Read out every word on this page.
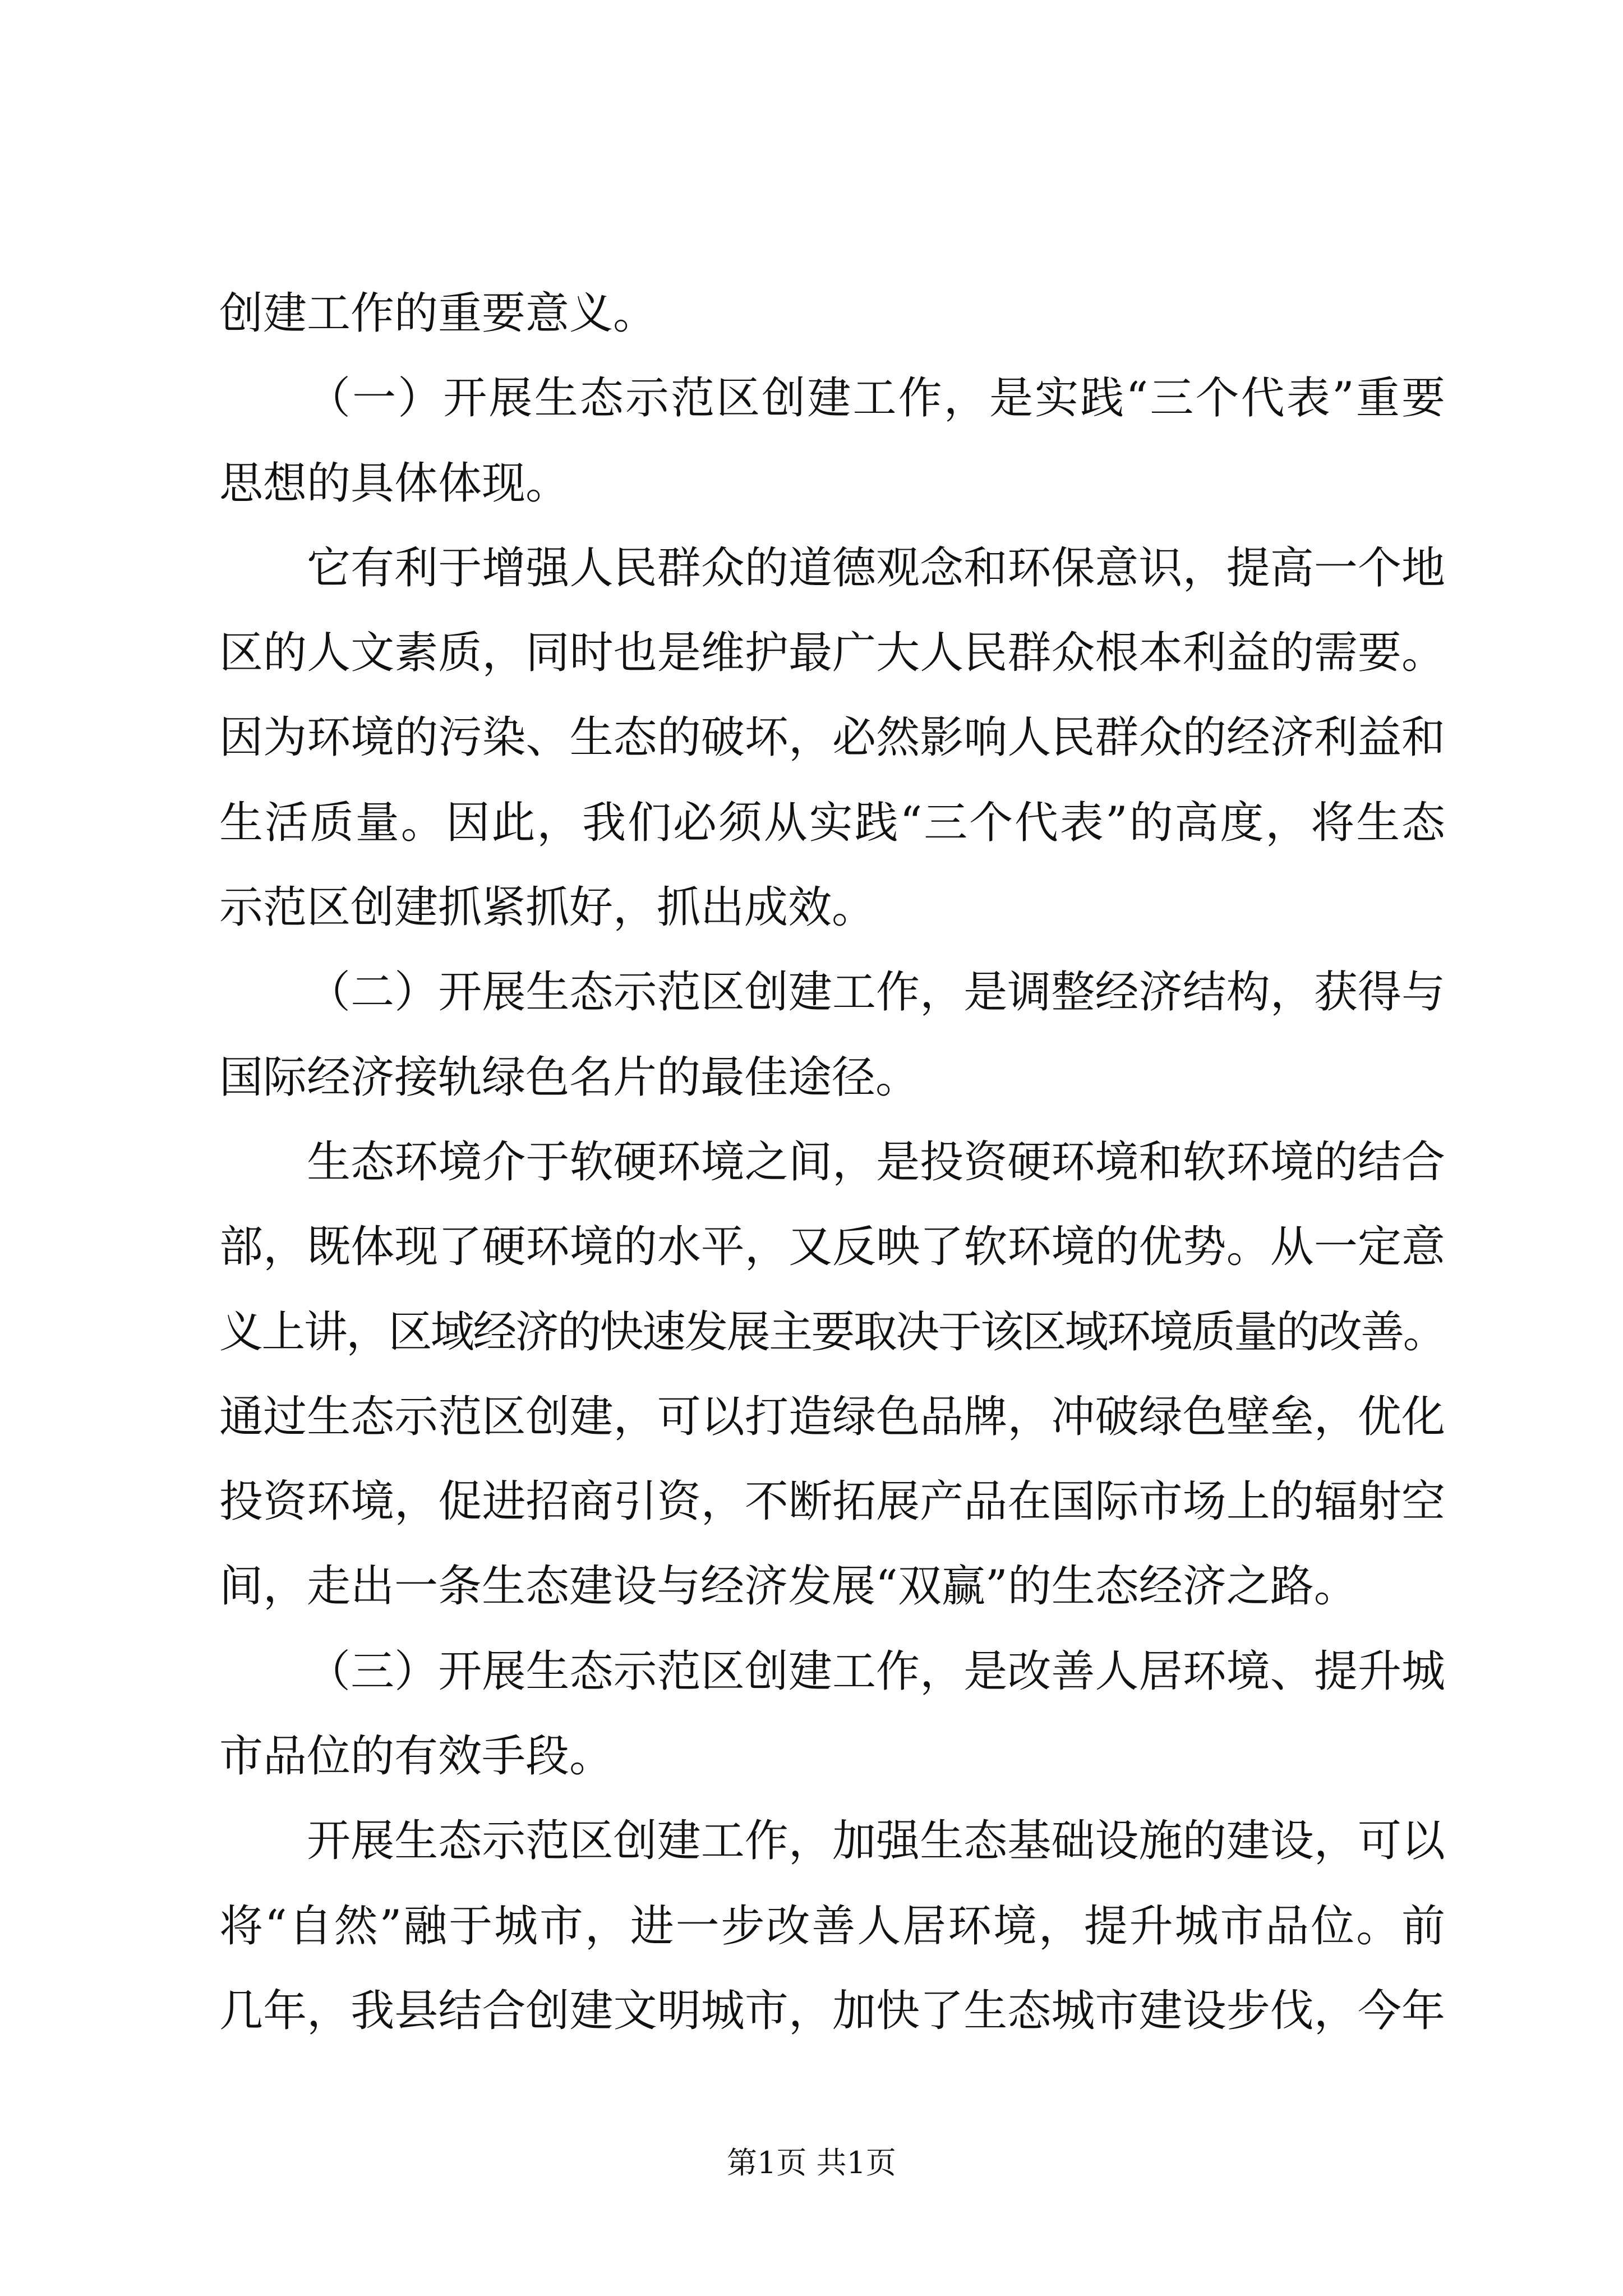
创建工作的重要意义。
（一）开展生态示范区创建工作，是实践“三个代表”重要
思想的具体体现。
它有利于增强人民群众的道德观念和环保意识，提高一个地
区的人文素质，同时也是维护最广大人民群众根本利益的需要。
因为环境的污染、生态的破坏，必然影响人民群众的经济利益和
生活质量。因此，我们必须从实践“三个代表”的高度，将生态
示范区创建抓紧抓好，抓出成效。
（二）开展生态示范区创建工作，是调整经济结构，获得与
国际经济接轨绿色名片的最佳途径。
生态环境介于软硬环境之间，是投资硬环境和软环境的结合
部，既体现了硬环境的水平，又反映了软环境的优势。从一定意
义上讲，区域经济的快速发展主要取决于该区域环境质量的改善。
通过生态示范区创建，可以打造绿色品牌，冲破绿色壁垒，优化
投资环境，促进招商引资，不断拓展产品在国际市场上的辐射空
间，走出一条生态建设与经济发展“双赢”的生态经济之路。
（三）开展生态示范区创建工作，是改善人居环境、提升城
市品位的有效手段。
开展生态示范区创建工作，加强生态基础设施的建设，可以
将“自然”融于城市，进一步改善人居环境，提升城市品位。前
几年，我县结合创建文明城市，加快了生态城市建设步伐，今年
第1页 共1页
